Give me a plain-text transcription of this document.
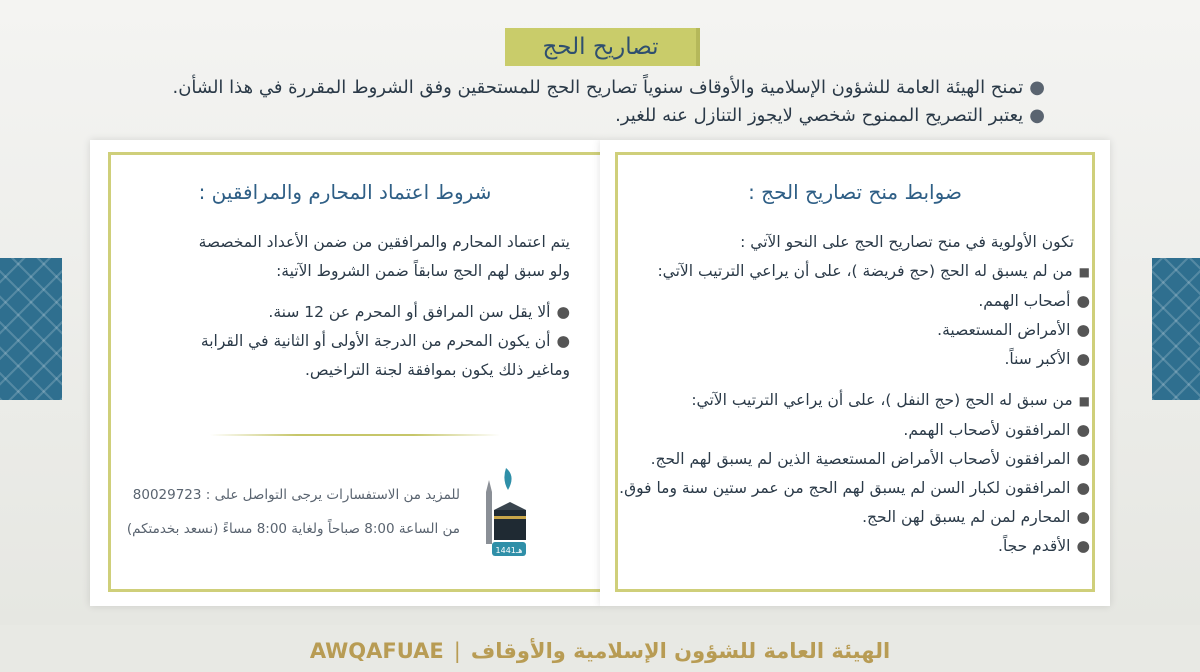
تصاريح الحج

●تمنح الهيئة العامة للشؤون الإسلامية والأوقاف سنوياً تصاريح الحج للمستحقين وفق الشروط المقررة في هذا الشأن.

●يعتبر التصريح الممنوح شخصي لايجوز التنازل عنه للغير.

شروط اعتماد المحارم والمرافقين :

يتم اعتماد المحارم والمرافقين من ضمن الأعداد المخصصة

ولو سبق لهم الحج سابقاً ضمن الشروط الآتية:

●ألا يقل سن المرافق أو المحرم عن 12 سنة.

●أن يكون المحرم من الدرجة الأولى أو الثانية في القرابة

وماغير ذلك يكون بموافقة لجنة التراخيص.

للمزيد من الاستفسارات يرجى التواصل على : 80029723

من الساعة 8:00 صباحاً ولغاية 8:00 مساءً (نسعد بخدمتكم)

1441هـ
ضوابط منح تصاريح الحج :

تكون الأولوية في منح تصاريح الحج على النحو الآتي :

■من لم يسبق له الحج (حج فريضة )، على أن يراعي الترتيب الآتي:

●أصحاب الهمم.

●الأمراض المستعصية.

●الأكبر سناً.

■من سبق له الحج (حج النفل )، على أن يراعي الترتيب الآتي:

●المرافقون لأصحاب الهمم.

●المرافقون لأصحاب الأمراض المستعصية الذين لم يسبق لهم الحج.

●المرافقون لكبار السن لم يسبق لهم الحج من عمر ستين سنة وما فوق.

●المحارم لمن لم يسبق لهن الحج.

●الأقدم حجاً.

AWQAFUAE | الهيئة العامة للشؤون الإسلامية والأوقاف
